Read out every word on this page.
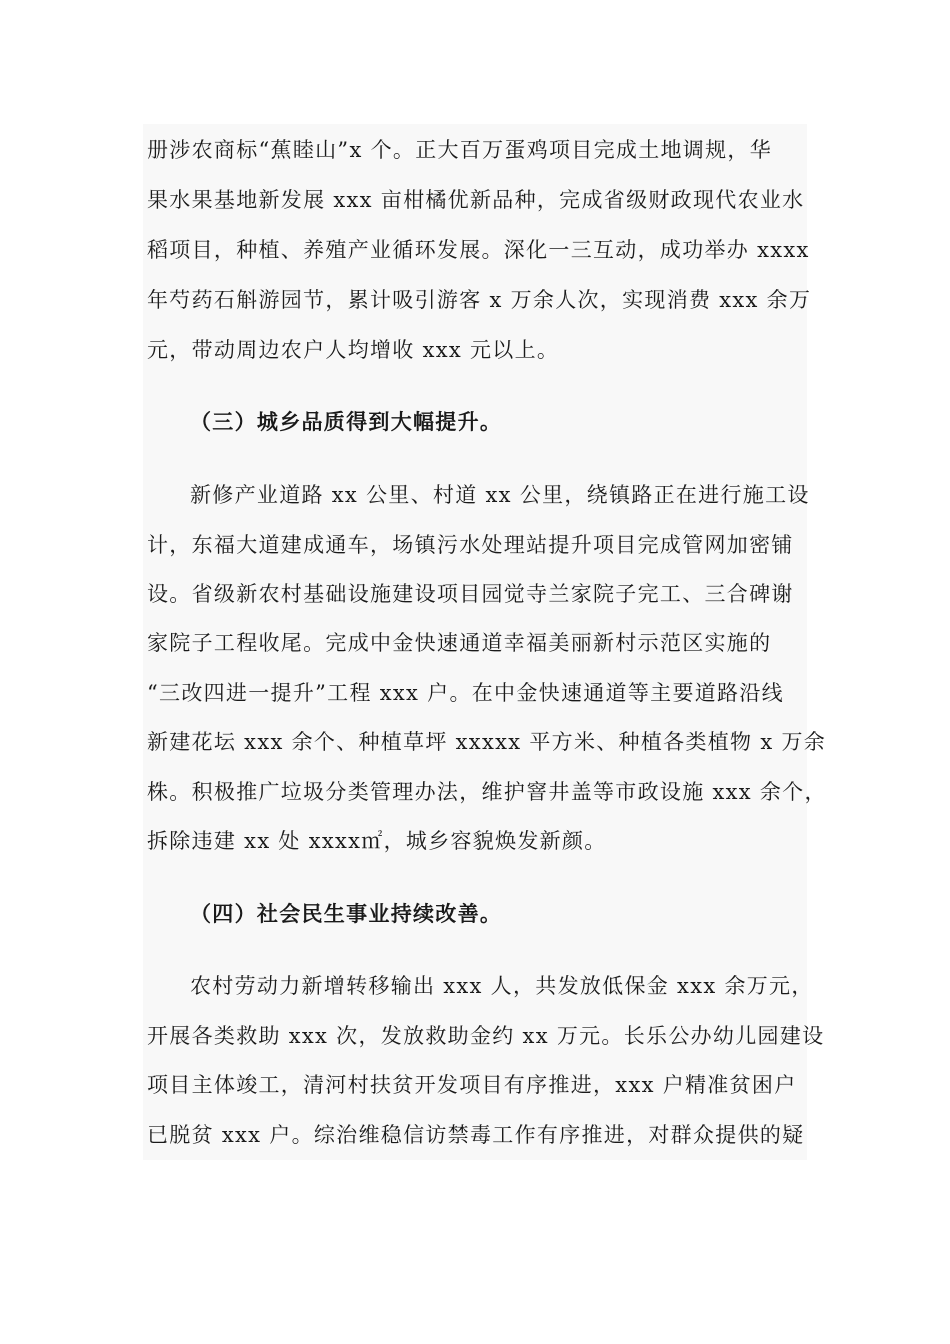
册涉农商标“蕉睦山”x 个。正大百万蛋鸡项目完成土地调规，华
果水果基地新发展 xxx 亩柑橘优新品种，完成省级财政现代农业水
稻项目，种植、养殖产业循环发展。深化一三互动，成功举办 xxxx
年芍药石斛游园节，累计吸引游客 x 万余人次，实现消费 xxx 余万
元，带动周边农户人均增收 xxx 元以上。
（三）城乡品质得到大幅提升。
新修产业道路 xx 公里、村道 xx 公里，绕镇路正在进行施工设
计，东福大道建成通车，场镇污水处理站提升项目完成管网加密铺
设。省级新农村基础设施建设项目园觉寺兰家院子完工、三合碑谢
家院子工程收尾。完成中金快速通道幸福美丽新村示范区实施的
“三改四进一提升”工程 xxx 户。在中金快速通道等主要道路沿线
新建花坛 xxx 余个、种植草坪 xxxxx 平方米、种植各类植物 x 万余
株。积极推广垃圾分类管理办法，维护窨井盖等市政设施 xxx 余个，
拆除违建 xx 处 xxxx㎡，城乡容貌焕发新颜。
（四）社会民生事业持续改善。
农村劳动力新增转移输出 xxx 人，共发放低保金 xxx 余万元，
开展各类救助 xxx 次，发放救助金约 xx 万元。长乐公办幼儿园建设
项目主体竣工，清河村扶贫开发项目有序推进，xxx 户精准贫困户
已脱贫 xxx 户。综治维稳信访禁毒工作有序推进，对群众提供的疑
